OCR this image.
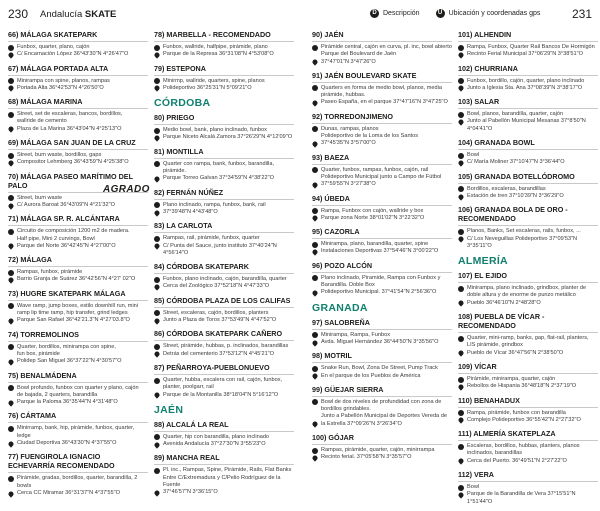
230 Andalucía SKATE	D Descripción	U Ubicación y coordenadas gps	231
66) MÁLAGA SKATEPARK
Funbox, quarter, plano, cajón
C/ Encarnación López 36°43'30"N 4°26'47"O
67) MÁLAGA PORTADA ALTA
Minirampa con spine, planos, rampas
Portada Alta 36°42'53"N 4°26'50"O
68) MÁLAGA MARINA
Street, set de escaleras, bancos, bordillos,
wallride de cemento
Plaza de La Marina 36°43'04"N 4°25'13"O
69) MÁLAGA SAN JUAN DE LA CRUZ
Street, bum waste, bordillos, gaps
Compositor Lehmberg 36°43'59"N 4°25'38"O
70) MÁLAGA PASEO MARÍTIMO DEL PALO
Street, bum waste
C/ Aurora Baroat 36°43'09"N 4°21'32"O
71) MÁLAGA SP. R. ALCÁNTARA
Circuito de composición 1200 m2 de madera.
Half pipe, Mini 2 curvings, Bowl
Parque del Norte 36°42'45"N 4°27'00"O
72) MÁLAGA
Rampas, funbox, pirámide
Barrio Granja de Suárez 36°42'56"N 4°27' 02"O
73) HUGRE SKATEPARK MÁLAGA
Wave ramp, jump boxes, estilo downhill run, mini
ramp lip time ramp, hip transfer, grind ledges
Parque San Rafael 36°42'21.3"N 4°27'03.8"O
74) TORREMOLINOS
Quarter, bordillos, minirampa con spine,
fun box, pirámide
Polidep San Miguel 36°37'22"N 4°30'57"O
75) BENALMÁDENA
Bowl profundo, funbox con quarter y plano, cajón
de bajada, 2 quarters, barandilla
Parque la Paloma 36°35'44"N 4°31'48"O
76) CÁRTAMA
Minirramp, bank, hip, pirámide, funbox, quarter, ledge
Ciudad Deportiva 36°43'30"N 4°37'55"O
77) FUENGIROLA IGNACIO ECHEVARRÍA RECOMENDADO
Pirámide, gradas, bordillos, quarter, barandilla, 2 bowls
Cerca CC Miramar 36°31'37"N 4°37'55"O
78) MARBELLA - RECOMENDADO
Funbox, wallride, halfpipe, pirámide, plano
Parque de la Represa 36°31'08"N 4°53'08"O
79) ESTEPONA
Minirmp, wallride, quarters, spine, planos
Polideportivo 36°25'31"N 5°09'21"O
CÓRDOBA
80) PRIEGO
Medio bowl, bank, plano inclinado, funbox
Parque Niceto Alcalá Zamora 37°26'29"N 4°12'09"O
81) MONTILLA
Quarter con rampa, bank, funbox, barandilla, pirámide.
Parque Torreo Galvan 37°34'59"N 4°38'22"O
82) FERNÁN NÚÑEZ
Plano inclinado, rampa, funbox, bank, rail
37°39'48"N 4°43'48"O
83) LA CARLOTA
Rampas, rail, pirámide, funbox, quarter
C/ Punta del Sauce, junto instituto 37°40'24"N 4°56'14"O
84) CÓRDOBA SKATEPARK
Funbox, plano inclinado, cajón, barandilla, quarter
Cerca del Zoológico 37°52'18"N 4°47'33"O
85) CÓRDOBA PLAZA DE LOS CALIFAS
Street, escaleras, cajón, bordillos, planters
Junto a Plaza de Toros 37°53'49"N 4°47'52"O
86) CÓRDOBA SKATEPARK CAÑERO
Street, pirámide, hubbas, p. inclinados, barandillas
Detrás del cementerio 37°53'12"N 4°45'21"O
87) PEÑARROYA-PUEBLONUEVO
Quarter, hubba, escalera con rail, cajón, funbox,
planter, poolgarr, rail
Parque de la Montanilla 38°18'04"N 5°16'12"O
JAÉN
88) ALCALÁ LA REAL
Quarter, hip con barandilla, plano inclinado
Avenida Andalucía 37°27'30"N 3°55'23"O
89) MANCHA REAL
Pl. inc., Rampas, Spine, Pirámide, Rails, Flat Banks
Entre C/Extremadura y C/Pelio Rodríguez de la Fuente
37°46'57"N 3°36'15"O
90) JAÉN
Pirámide central, cajón en curva, pl. inc, bowl abierto
Parque del Boulevard de Jaén
37°47'01"N 3°47'26"O
91) JAÉN BOULEVARD SKATE
Quarters en forma de medio bowl, planos, media
pirámide, hubbas.
Paseo España, en el parque 37°47'16"N 3°47'25"O
92) TORREDONJIMENO
Dunas, rampas, planos
Polideportivo de la Loma de los Santos
37°45'35"N 3°57'00"O
93) BAEZA
Quarter, funbox, rampas, funbox, cajón, rail
Polideportivo Municipal junto a Campo de Fútbol
37°59'55"N 3°27'38"O
94) ÚBEDA
Rampa, Funbox con cajón, wallride y box
Parque zona Norte 38°01'02"N 3°22'32"O
95) CAZORLA
Minirampa, plano, barandilla, quarter, spine
Instalaciones Deportivas 37°54'46"N 3°00'22"O
96) POZO ALCÓN
Plano inclinado, Piramide, Rampa con Funbox y
Barandilla. Doble Box
Polideportivo Municipal. 37°41'54"N 2°56'36"O
GRANADA
97) SALOBREÑA
Minirampa, Rampa, Funbox
Avda. Miguel Hernández 36°44'50"N 3°35'56"O
98) MOTRIL
Snake Run, Bowl, Zona De Street, Pump Track
En el parque de los Pueblos de América
99) GÜEJAR SIERRA
Bowl de dos niveles de profundidad con zona de
bordillos grindables.
Junto a Pabellón Municipal de Deportes Vereda de
la Estrella 37°09'26"N 3°26'34"O
100) GÓJAR
Rampas, pirámide, quarter, cajón, minirrampa
Recinto ferial. 37°05'58"N 3°35'57"O
101) ALHENDIN
Rampa, Funbox, Quarter Rail Bancos De Hormigón
Recinto Ferial Municipal 37°06'29"N 3°38'51"O
102) CHURRIANA
Funbox, bordillo, cajón, quarter, plano inclinado
Junto a Iglesia Sta. Ana 37°08'39"N 3°38'17"O
103) SALAR
Bowl, planos, barandilla, quarter, cajón
Junto al Pabellón Municipal Mesanas 37°8'50"N 4°04'41"O
104) GRANADA BOWL
Bowl
C/ María Moliner 37°10'47"N 3°36'44"O
105) GRANADA BOTELLÓDROMO
Bordillos, escaleras, barandillas
Estación de tren 37°10'39"N 3°36'29"O
106) GRANADA BOLA DE ORO - RECOMENDADO
Planos, Banks, Set escaleras, rails, funbox, ...
C/ Los Neveguillas Polideportivo 37°09'53"N 3°35'11"O
ALMERÍA
107) EL EJIDO
Minirampa, plano inclinado, grindbox, planter de
doble altura y de enorme de punzo metálico
Pueblo 36°46'10"N 2°48'28"O
108) PUEBLA DE VÍCAR - RECOMENDADO
Quarter, mini-ramp, banks, gap, flat-rail, planters,
LIS pirámide, grindbox
Pueblo de Vícar 36°47'56"N 2°38'50"O
109) VÍCAR
Pirámide, minirampa, quarter, cajón
Rebollos de Hispania 36°48'18"N 2°37'19"O
110) BENAHADUX
Rampa, pirámide, funbox con barandilla
Complejo Polideportivo 36°55'42"N 2°27'32"O
111) ALMERÍA SKATEPLAZA
Escaleras, bordillos, hubbas, planters, planos
inclinados, barandillas
Cerca del Puerto. 36°49'51"N 2°27'22"O
112) VERA
Bowl
Parque de la Barandilla de Vera 37°15'51"N 1°51'44"O
AGRADO
